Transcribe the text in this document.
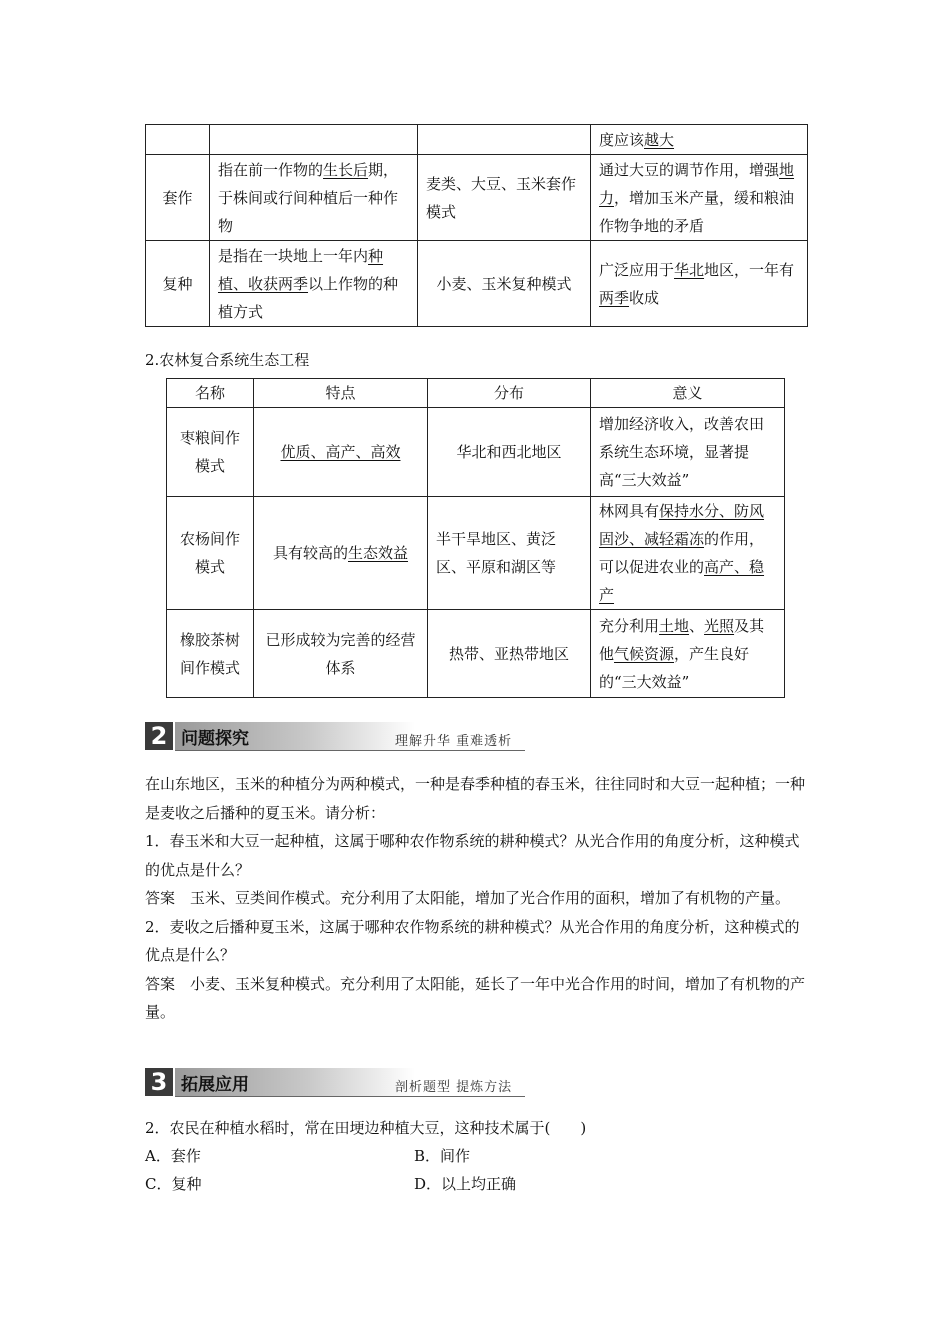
			度应该越大
套作	指在前一作物的生长后期，于株间或行间种植后一种作物	麦类、大豆、玉米套作模式	通过大豆的调节作用，增强地力，增加玉米产量，缓和粮油作物争地的矛盾
复种	是指在一块地上一年内种植、收获两季以上作物的种植方式	小麦、玉米复种模式	广泛应用于华北地区，一年有两季收成
2.农林复合系统生态工程
名称	特点	分布	意义
枣粮间作模式	优质、高产、高效	华北和西北地区	增加经济收入，改善农田系统生态环境，显著提高“三大效益”
农杨间作模式	具有较高的生态效益	半干旱地区、黄泛区、平原和湖区等	林网具有保持水分、防风固沙、减轻霜冻的作用，可以促进农业的高产、稳产
橡胶茶树间作模式	已形成较为完善的经营体系	热带、亚热带地区	充分利用土地、光照及其他气候资源，产生良好的“三大效益”
2 问题探究	理解升华 重难透析

在山东地区，玉米的种植分为两种模式，一种是春季种植的春玉米，往往同时和大豆一起种植；一种是麦收之后播种的夏玉米。请分析：

1．春玉米和大豆一起种植，这属于哪种农作物系统的耕种模式？从光合作用的角度分析，这种模式的优点是什么？

答案　玉米、豆类间作模式。充分利用了太阳能，增加了光合作用的面积，增加了有机物的产量。

2．麦收之后播种夏玉米，这属于哪种农作物系统的耕种模式？从光合作用的角度分析，这种模式的优点是什么？

答案　小麦、玉米复种模式。充分利用了太阳能，延长了一年中光合作用的时间，增加了有机物的产量。

3 拓展应用	剖析题型 提炼方法
2．农民在种植水稻时，常在田埂边种植大豆，这种技术属于(　　)
A．套作	B．间作
C．复种	D．以上均正确
